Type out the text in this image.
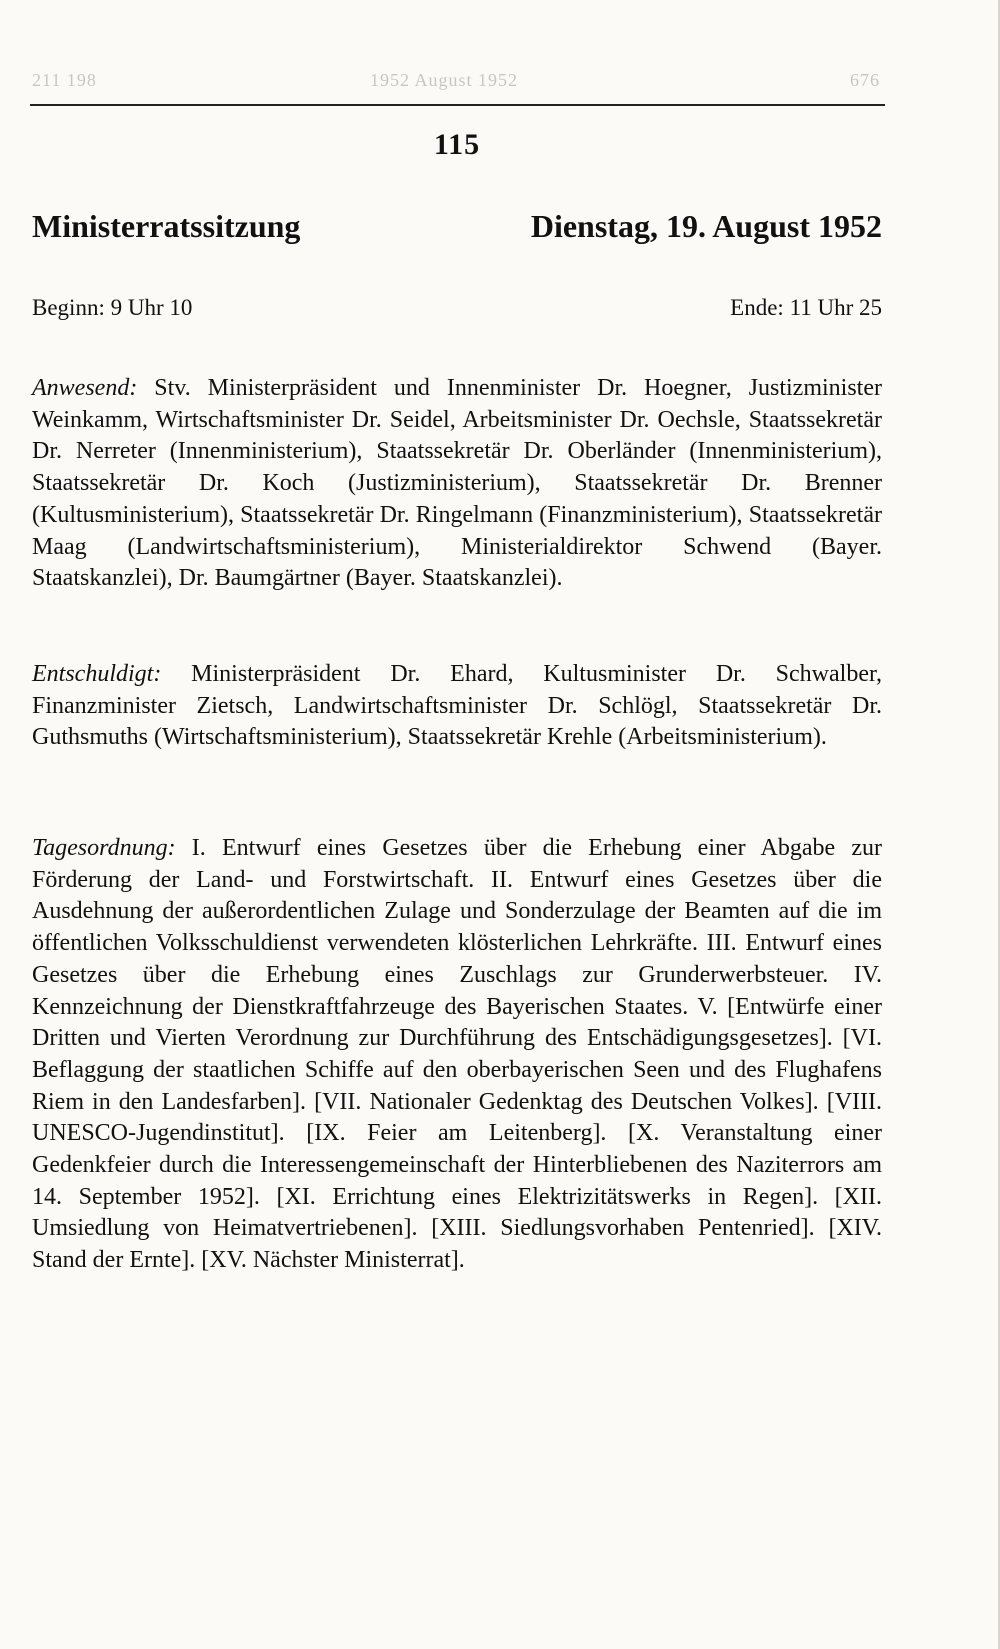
211 198	1952 August 1952	676
115
Ministerratssitzung	Dienstag, 19. August 1952
Beginn: 9 Uhr 10	Ende: 11 Uhr 25
Anwesend: Stv. Ministerpräsident und Innenminister Dr. Hoegner, Justizminister Weinkamm, Wirtschaftsminister Dr. Seidel, Arbeitsminister Dr. Oechsle, Staatssekretär Dr. Nerreter (Innenministerium), Staatssekretär Dr. Oberländer (Innenministerium), Staatssekretär Dr. Koch (Justizministerium), Staatssekretär Dr. Brenner (Kultusministerium), Staatssekretär Dr. Ringelmann (Finanzministerium), Staatssekretär Maag (Landwirtschaftsministerium), Ministerialdirektor Schwend (Bayer. Staatskanzlei), Dr. Baumgärtner (Bayer. Staatskanzlei).
Entschuldigt: Ministerpräsident Dr. Ehard, Kultusminister Dr. Schwalber, Finanzminister Zietsch, Landwirtschaftsminister Dr. Schlögl, Staatssekretär Dr. Guthsmuths (Wirtschaftsministerium), Staatssekretär Krehle (Arbeitsministerium).
Tagesordnung: I. Entwurf eines Gesetzes über die Erhebung einer Abgabe zur Förderung der Land- und Forstwirtschaft. II. Entwurf eines Gesetzes über die Ausdehnung der außerordentlichen Zulage und Sonderzulage der Beamten auf die im öffentlichen Volksschuldienst verwendeten klösterlichen Lehrkräfte. III. Entwurf eines Gesetzes über die Erhebung eines Zuschlags zur Grunderwerbsteuer. IV. Kennzeichnung der Dienstkraftfahrzeuge des Bayerischen Staates. V. [Entwürfe einer Dritten und Vierten Verordnung zur Durchführung des Entschädigungsgesetzes]. [VI. Beflaggung der staatlichen Schiffe auf den oberbayerischen Seen und des Flughafens Riem in den Landesfarben]. [VII. Nationaler Gedenktag des Deutschen Volkes]. [VIII. UNESCO-Jugendinstitut]. [IX. Feier am Leitenberg]. [X. Veranstaltung einer Gedenkfeier durch die Interessengemeinschaft der Hinterbliebenen des Naziterrors am 14. September 1952]. [XI. Errichtung eines Elektrizitätswerks in Regen]. [XII. Umsiedlung von Heimatvertriebenen]. [XIII. Siedlungsvorhaben Pentenried]. [XIV. Stand der Ernte]. [XV. Nächster Ministerrat].
